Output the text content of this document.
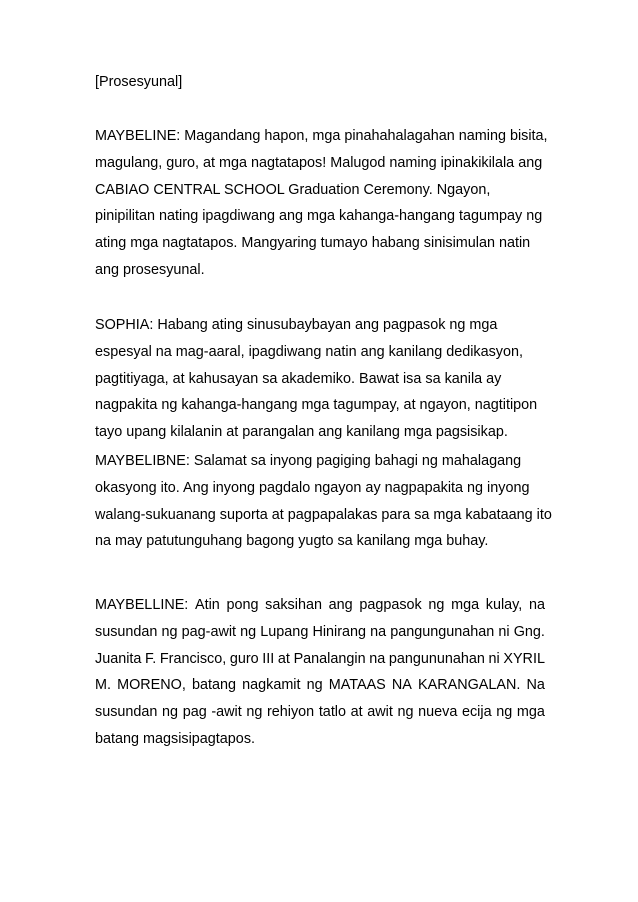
[Prosesyunal]
MAYBELINE: Magandang hapon, mga pinahahalagahan naming bisita,
magulang, guro, at mga nagtatapos! Malugod naming ipinakikilala ang
CABIAO CENTRAL SCHOOL Graduation Ceremony. Ngayon,
pinipilitan nating ipagdiwang ang mga kahanga-hangang tagumpay ng
ating mga nagtatapos. Mangyaring tumayo habang sinisimulan natin
ang prosesyunal.
SOPHIA: Habang ating sinusubaybayan ang pagpasok ng mga
espesyal na mag-aaral, ipagdiwang natin ang kanilang dedikasyon,
pagtitiyaga, at kahusayan sa akademiko. Bawat isa sa kanila ay
nagpakita ng kahanga-hangang mga tagumpay, at ngayon, nagtitipon
tayo upang kilalanin at parangalan ang kanilang mga pagsisikap.
MAYBELIBNE: Salamat sa inyong pagiging bahagi ng mahalagang
okasyong ito. Ang inyong pagdalo ngayon ay nagpapakita ng inyong
walang-sukuanang suporta at pagpapalakas para sa mga kabataang ito
na may patutunguhang bagong yugto sa kanilang mga buhay.
MAYBELLINE: Atin pong saksihan ang pagpasok ng mga kulay, na
susundan ng pag-awit ng Lupang Hinirang na pangungunahan ni Gng.
Juanita F. Francisco, guro III at Panalangin na pangununahan ni XYRIL
M. MORENO, batang nagkamit ng MATAAS NA KARANGALAN. Na
susundan ng pag -awit ng rehiyon tatlo at awit ng nueva ecija ng mga
batang magsisipagtapos.
